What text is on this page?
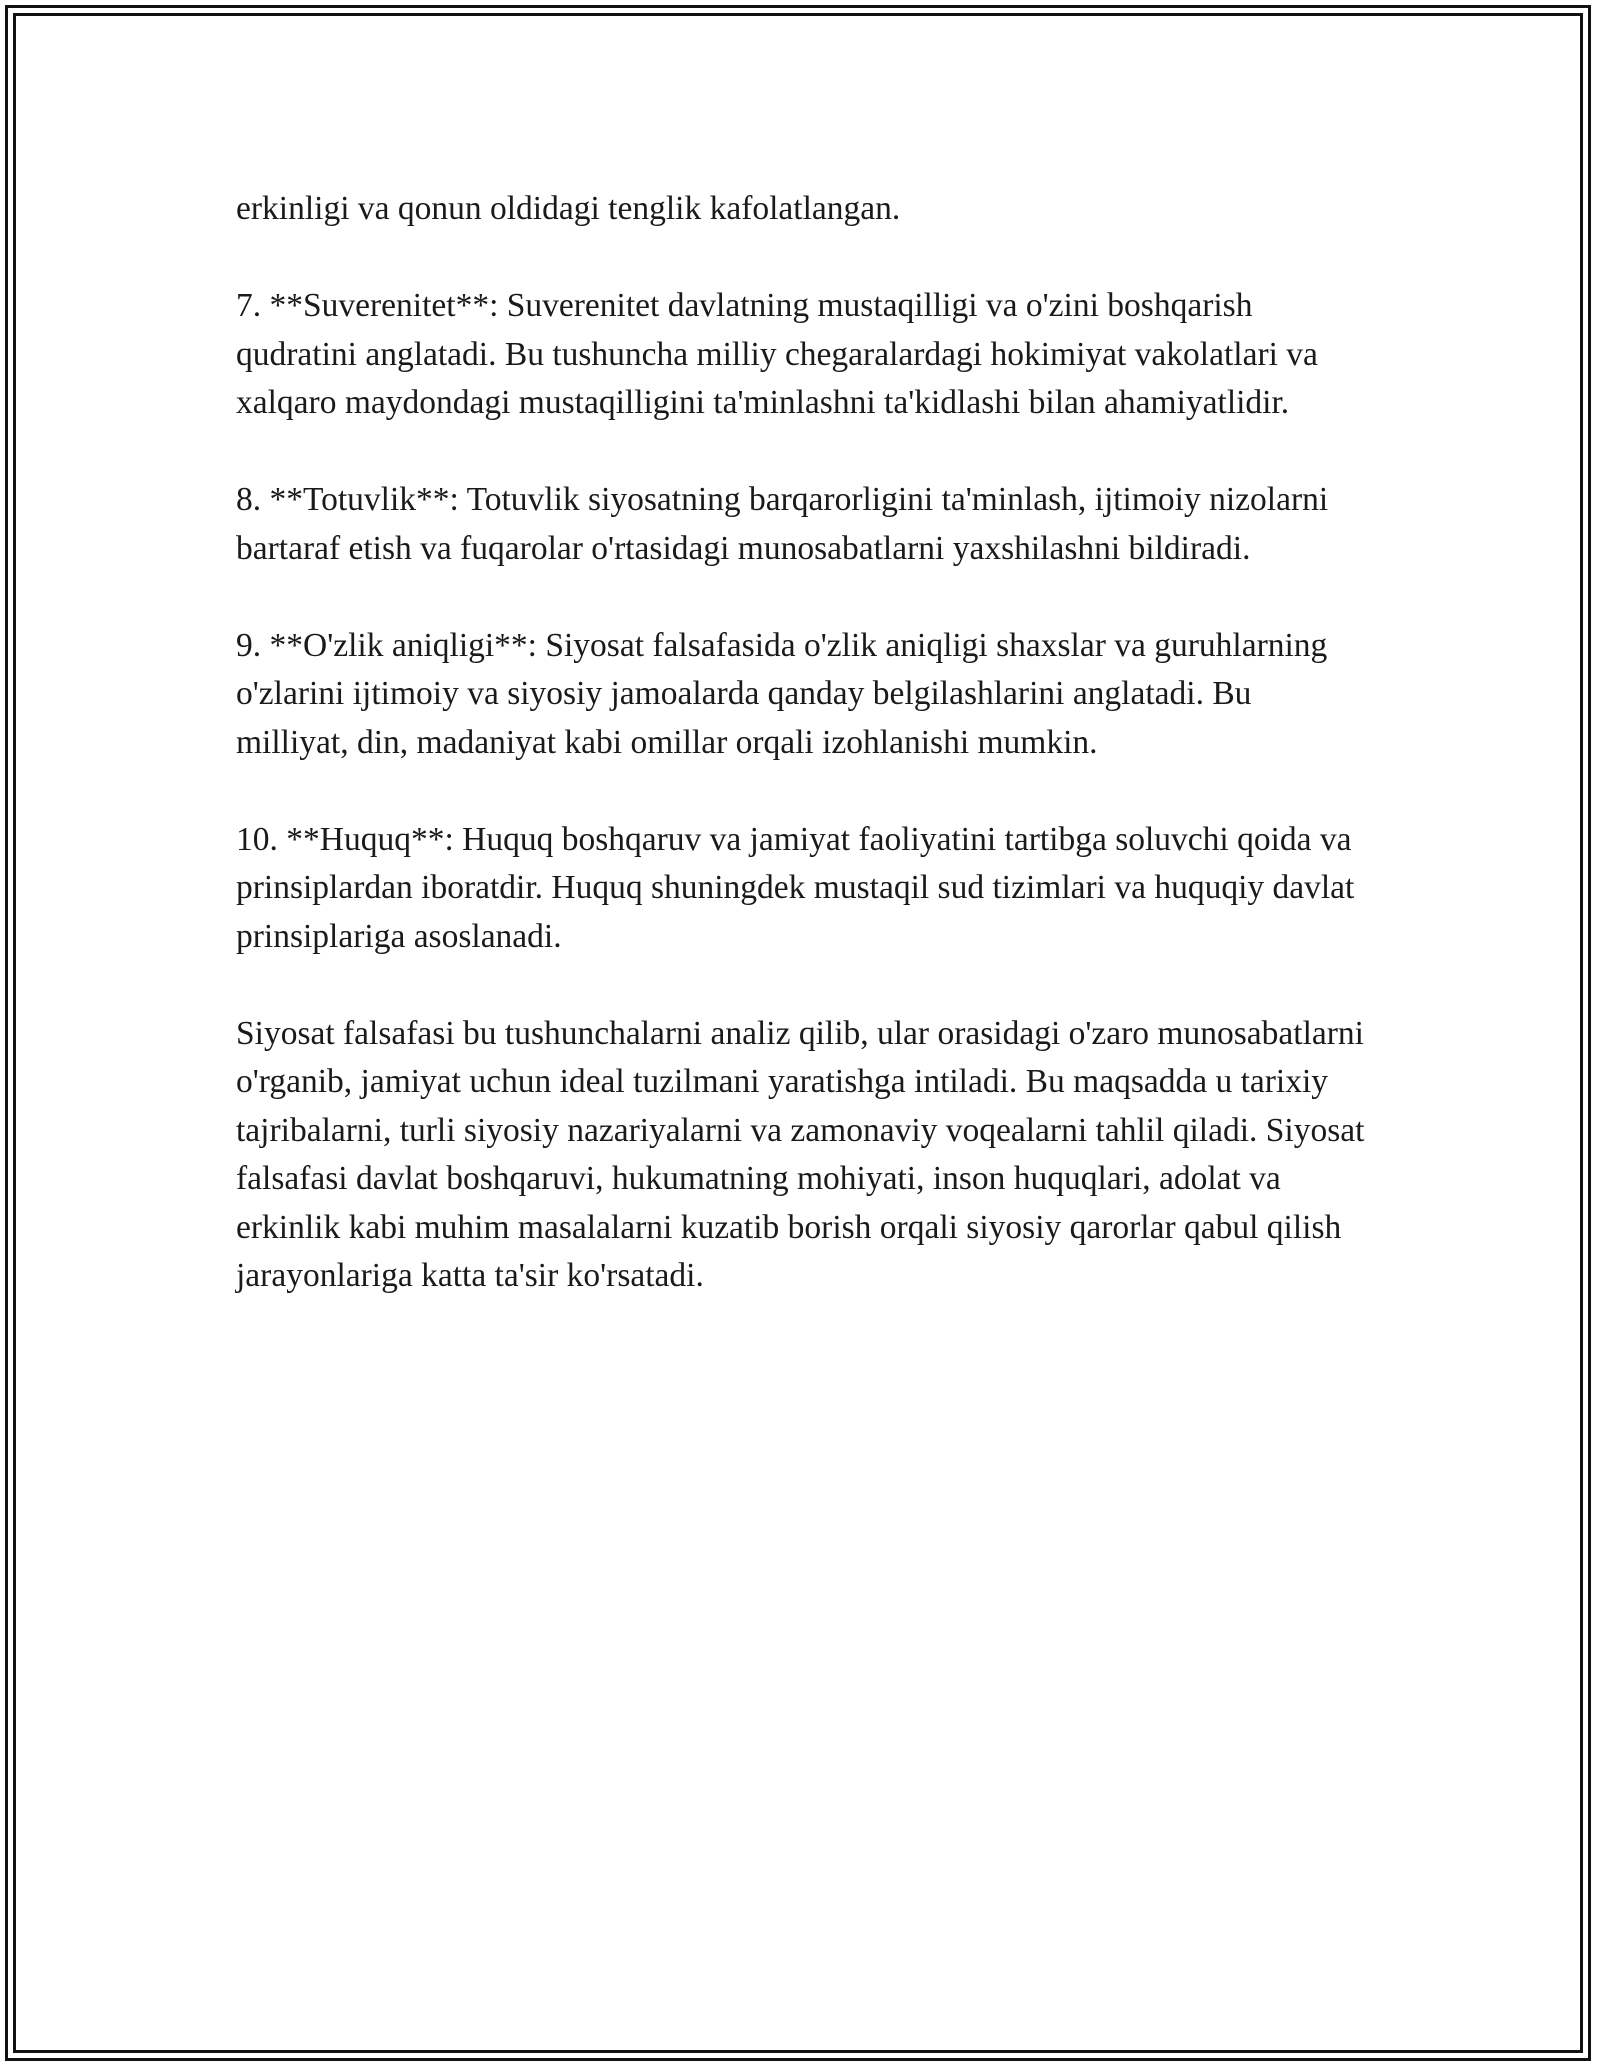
erkinligi va qonun oldidagi tenglik kafolatlangan.

7. **Suverenitet**: Suverenitet davlatning mustaqilligi va o'zini boshqarish qudratini anglatadi. Bu tushuncha milliy chegaralardagi hokimiyat vakolatlari va xalqaro maydondagi mustaqilligini ta'minlashni ta'kidlashi bilan ahamiyatlidir.

8. **Totuvlik**: Totuvlik siyosatning barqarorligini ta'minlash, ijtimoiy nizolarni bartaraf etish va fuqarolar o'rtasidagi munosabatlarni yaxshilashni bildiradi.

9. **O'zlik aniqligi**: Siyosat falsafasida o'zlik aniqligi shaxslar va guruhlarning o'zlarini ijtimoiy va siyosiy jamoalarda qanday belgilashlarini anglatadi. Bu milliyat, din, madaniyat kabi omillar orqali izohlanishi mumkin.

10. **Huquq**: Huquq boshqaruv va jamiyat faoliyatini tartibga soluvchi qoida va prinsiplardan iboratdir. Huquq shuningdek mustaqil sud tizimlari va huquqiy davlat prinsiplariga asoslanadi.

Siyosat falsafasi bu tushunchalarni analiz qilib, ular orasidagi o'zaro munosabatlarni o'rganib, jamiyat uchun ideal tuzilmani yaratishga intiladi. Bu maqsadda u tarixiy tajribalarni, turli siyosiy nazariyalarni va zamonaviy voqealarni tahlil qiladi. Siyosat falsafasi davlat boshqaruvi, hukumatning mohiyati, inson huquqlari, adolat va erkinlik kabi muhim masalalarni kuzatib borish orqali siyosiy qarorlar qabul qilish jarayonlariga katta ta'sir ko'rsatadi.
